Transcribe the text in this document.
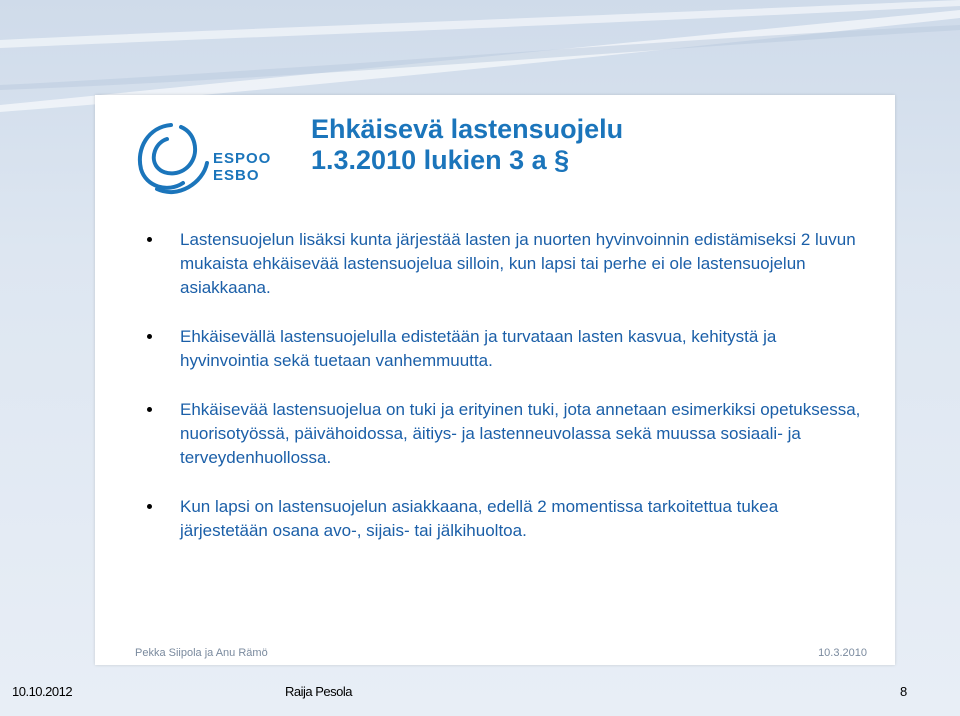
ESPOO
ESBO
Ehkäisevä lastensuojelu
1.3.2010 lukien 3 a §
Lastensuojelun lisäksi kunta järjestää lasten ja nuorten hyvinvoinnin edistämiseksi 2 luvun mukaista ehkäisevää lastensuojelua silloin, kun lapsi tai perhe ei ole lastensuojelun asiakkaana.
Ehkäisevällä lastensuojelulla edistetään ja turvataan lasten kasvua, kehitystä ja hyvinvointia sekä tuetaan vanhemmuutta.
Ehkäisevää lastensuojelua on tuki ja erityinen tuki, jota annetaan esimerkiksi opetuksessa, nuorisotyössä, päivähoidossa, äitiys- ja lastenneuvolassa sekä muussa sosiaali- ja terveydenhuollossa.
Kun lapsi on lastensuojelun asiakkaana, edellä 2 momentissa tarkoitettua tukea järjestetään osana avo-, sijais- tai jälkihuoltoa.
Pekka Siipola ja Anu Rämö	10.3.2010
10.10.2012	Raija Pesola	8
